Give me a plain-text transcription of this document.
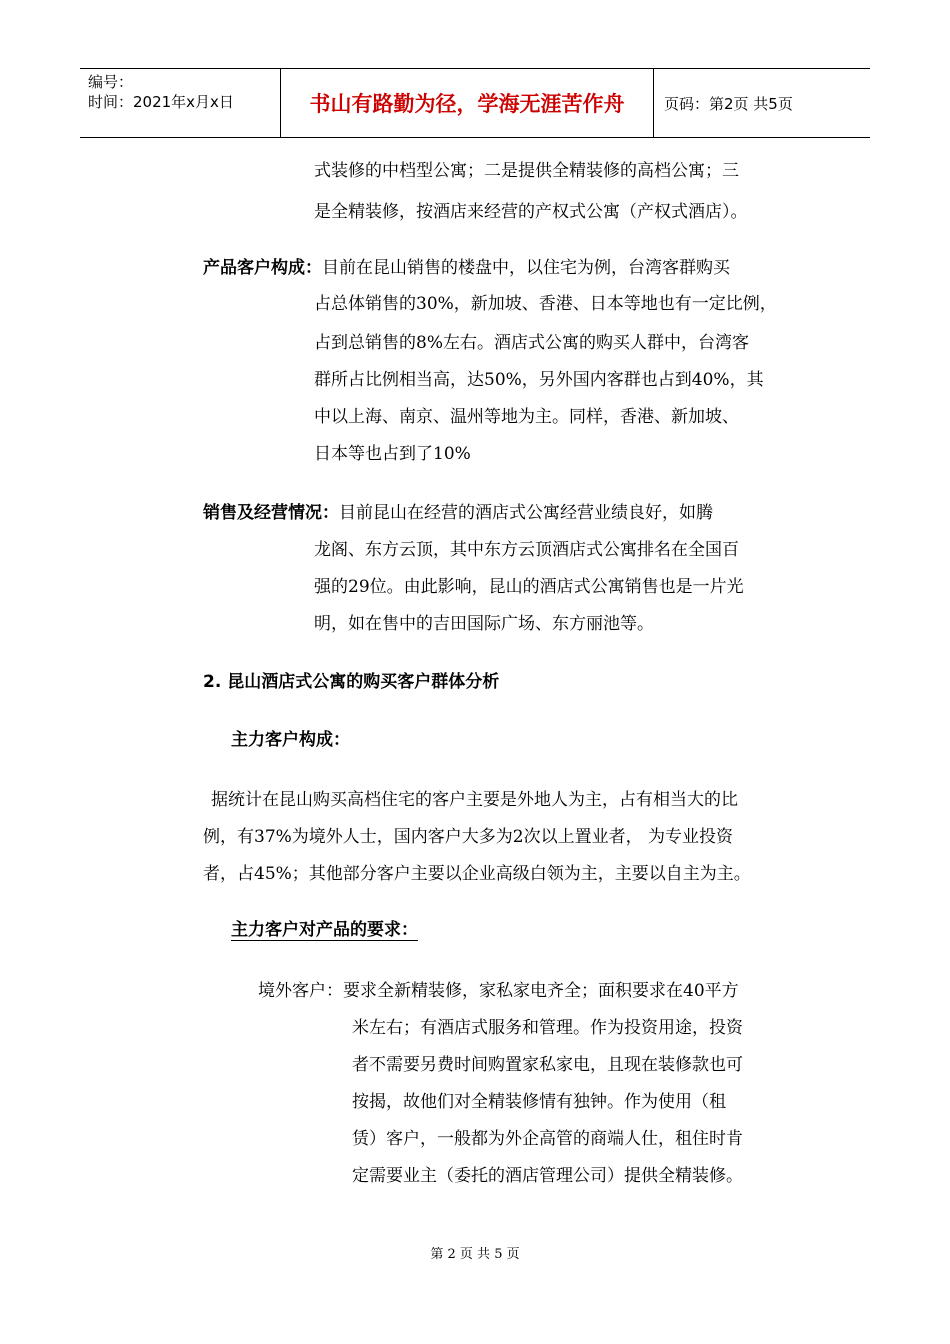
编号：
时间：2021年x月x日	书山有路勤为径，学海无涯苦作舟	页码：第2页 共5页
式装修的中档型公寓；二是提供全精装修的高档公寓；三
是全精装修，按酒店来经营的产权式公寓（产权式酒店）。
产品客户构成：目前在昆山销售的楼盘中，以住宅为例，台湾客群购买
占总体销售的30%，新加坡、香港、日本等地也有一定比例，
占到总销售的8%左右。酒店式公寓的购买人群中，台湾客
群所占比例相当高，达50%，另外国内客群也占到40%，其
中以上海、南京、温州等地为主。同样，香港、新加坡、
日本等也占到了10%
销售及经营情况：目前昆山在经营的酒店式公寓经营业绩良好，如腾
龙阁、东方云顶，其中东方云顶酒店式公寓排名在全国百
强的29位。由此影响，昆山的酒店式公寓销售也是一片光
明，如在售中的吉田国际广场、东方丽池等。
2. 昆山酒店式公寓的购买客户群体分析
主力客户构成：
据统计在昆山购买高档住宅的客户主要是外地人为主，占有相当大的比
例，有37%为境外人士，国内客户大多为2次以上置业者， 为专业投资
者，占45%；其他部分客户主要以企业高级白领为主，主要以自主为主。
主力客户对产品的要求：
境外客户：要求全新精装修，家私家电齐全；面积要求在40平方
米左右；有酒店式服务和管理。作为投资用途，投资
者不需要另费时间购置家私家电，且现在装修款也可
按揭，故他们对全精装修情有独钟。作为使用（租
赁）客户，一般都为外企高管的商端人仕，租住时肯
定需要业主（委托的酒店管理公司）提供全精装修。
第 2 页 共 5 页
